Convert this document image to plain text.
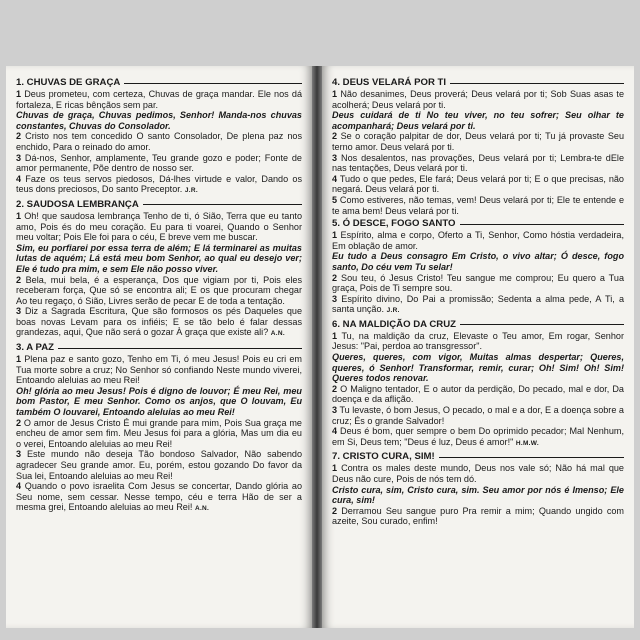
1. CHUVAS DE GRAÇA

1 Deus prometeu, com certeza, Chuvas de graça mandar. Ele nos dá fortaleza, E ricas bênçãos sem par.

Chuvas de graça, Chuvas pedimos, Senhor! Manda-nos chuvas constantes, Chuvas do Consolador.

2 Cristo nos tem concedido O santo Consolador, De plena paz nos enchido, Para o reinado do amor.

3 Dá-nos, Senhor, amplamente, Teu grande gozo e poder; Fonte de amor permanente, Põe dentro de nosso ser.

4 Faze os teus servos piedosos, Dá-lhes virtude e valor, Dando os teus dons preciosos, Do santo Preceptor. J.R.

2. SAUDOSA LEMBRANÇA

1 Oh! que saudosa lembrança Tenho de ti, ó Sião, Terra que eu tanto amo, Pois és do meu coração. Eu para ti voarei, Quando o Senhor meu voltar; Pois Ele foi para o céu, E breve vem me buscar.

Sim, eu porfiarei por essa terra de além; E lá terminarei as muitas lutas de aquém; Lá está meu bom Senhor, ao qual eu desejo ver; Ele é tudo pra mim, e sem Ele não posso viver.

2 Bela, mui bela, é a esperança, Dos que vigiam por ti, Pois eles receberam força, Que só se encontra ali; E os que procuram chegar Ao teu regaço, ó Sião, Livres serão de pecar E de toda a tentação.

3 Diz a Sagrada Escritura, Que são formosos os pés Daqueles que boas novas Levam para os infiéis; E se tão belo é falar dessas grandezas, aqui, Que não será o gozar À graça que existe ali? A.N.

3. A PAZ

1 Plena paz e santo gozo, Tenho em Ti, ó meu Jesus! Pois eu cri em Tua morte sobre a cruz; No Senhor só confiando Neste mundo viverei, Entoando aleluias ao meu Rei!

Oh! glória ao meu Jesus! Pois é digno de louvor; É meu Rei, meu bom Pastor, E meu Senhor. Como os anjos, que O louvam, Eu também O louvarei, Entoando aleluias ao meu Rei!

2 O amor de Jesus Cristo É mui grande para mim, Pois Sua graça me encheu de amor sem fim. Meu Jesus foi para a glória, Mas um dia eu o verei, Entoando aleluias ao meu Rei!

3 Este mundo não deseja Tão bondoso Salvador, Não sabendo agradecer Seu grande amor. Eu, porém, estou gozando Do favor da Sua lei, Entoando aleluias ao meu Rei!

4 Quando o povo israelita Com Jesus se concertar, Dando glória ao Seu nome, sem cessar. Nesse tempo, céu e terra Hão de ser a mesma grei, Entoando aleluias ao meu Rei! A.N.

4. DEUS VELARÁ POR TI

1 Não desanimes, Deus proverá; Deus velará por ti; Sob Suas asas te acolherá; Deus velará por ti.

Deus cuidará de ti No teu viver, no teu sofrer; Seu olhar te acompanhará; Deus velará por ti.

2 Se o coração palpitar de dor, Deus velará por ti; Tu já provaste Seu terno amor. Deus velará por ti.

3 Nos desalentos, nas provações, Deus velará por ti; Lembra-te dEle nas tentações, Deus velará por ti.

4 Tudo o que pedes, Ele fará; Deus velará por ti; E o que precisas, não negará. Deus velará por ti.

5 Como estiveres, não temas, vem! Deus velará por ti; Ele te entende e te ama bem! Deus velará por ti.

5. Ó DESCE, FOGO SANTO

1 Espírito, alma e corpo, Oferto a Ti, Senhor, Como hóstia verdadeira, Em oblação de amor.

Eu tudo a Deus consagro Em Cristo, o vivo altar; Ó desce, fogo santo, Do céu vem Tu selar!

2 Sou teu, ó Jesus Cristo! Teu sangue me comprou; Eu quero a Tua graça, Pois de Ti sempre sou.

3 Espírito divino, Do Pai a promissão; Sedenta a alma pede, A Ti, a santa unção. J.R.

6. NA MALDIÇÃO DA CRUZ

1 Tu, na maldição da cruz, Elevaste o Teu amor, Em rogar, Senhor Jesus: "Pai, perdoa ao transgressor".

Queres, queres, com vigor, Muitas almas despertar; Queres, queres, ó Senhor! Transformar, remir, curar; Oh! Sim! Oh! Sim! Queres todos renovar.

2 O Maligno tentador, E o autor da perdição, Do pecado, mal e dor, Da doença e da aflição.

3 Tu levaste, ó bom Jesus, O pecado, o mal e a dor, E a doença sobre a cruz; És o grande Salvador!

4 Deus é bom, quer sempre o bem Do oprimido pecador; Mal Nenhum, em Si, Deus tem; "Deus é luz, Deus é amor!" H.M.W.

7. CRISTO CURA, SIM!

1 Contra os males deste mundo, Deus nos vale só; Não há mal que Deus não cure, Pois de nós tem dó.

Cristo cura, sim, Cristo cura, sim. Seu amor por nós é Imenso; Ele cura, sim!

2 Derramou Seu sangue puro Pra remir a mim; Quando ungido com azeite, Sou curado, enfim!
